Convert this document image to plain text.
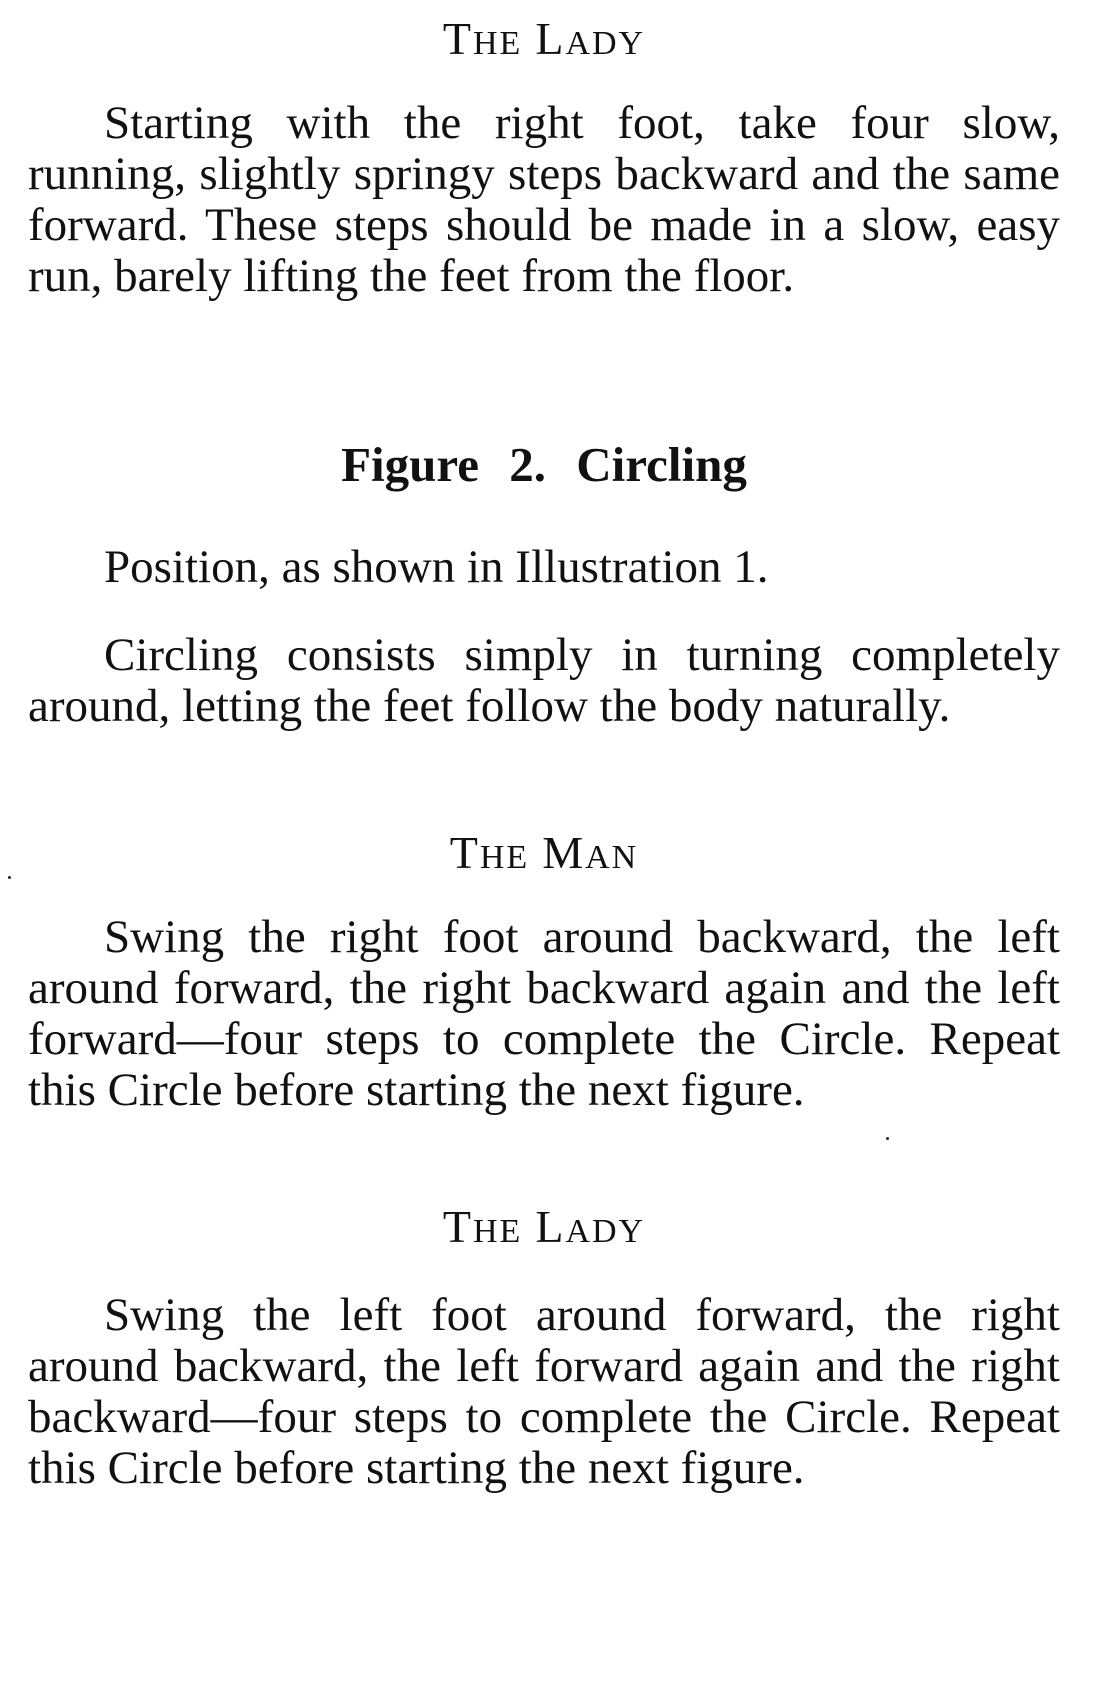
THE LADY

Starting with the right foot, take four slow, running, slightly springy steps backward and the same forward. These steps should be made in a slow, easy run, barely lifting the feet from the floor.

Figure 2. Circling

Position, as shown in Illustration 1.

Circling consists simply in turning completely around, letting the feet follow the body naturally.

THE MAN

Swing the right foot around backward, the left around forward, the right backward again and the left forward—four steps to complete the Circle. Repeat this Circle before starting the next figure.

THE LADY

Swing the left foot around forward, the right around backward, the left forward again and the right backward—four steps to complete the Circle. Repeat this Circle before starting the next figure.
